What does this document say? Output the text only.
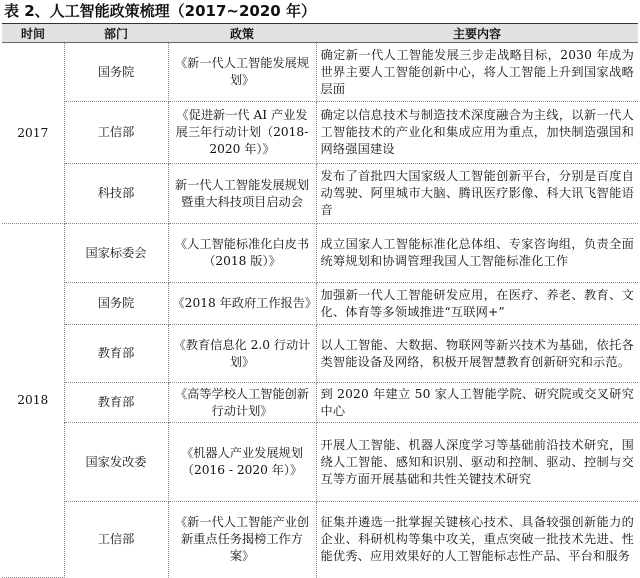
表 2、人工智能政策梳理（2017~2020 年）
时间	部门	政策	主要内容
2017	国务院	《新一代人工智能发展规划》	确定新一代人工智能发展三步走战略目标，2030 年成为世界主要人工智能创新中心，将人工智能上升到国家战略层面
	工信部	《促进新一代 AI 产业发展三年行动计划（2018-2020 年）》	确定以信息技术与制造技术深度融合为主线，以新一代人工智能技术的产业化和集成应用为重点，加快制造强国和网络强国建设
	科技部	新一代人工智能发展规划暨重大科技项目启动会	发布了首批四大国家级人工智能创新平台，分别是百度自动驾驶、阿里城市大脑、腾讯医疗影像、科大讯飞智能语音
2018	国家标委会	《人工智能标准化白皮书（2018 版）》	成立国家人工智能标准化总体组、专家咨询组，负责全面统筹规划和协调管理我国人工智能标准化工作
	国务院	《2018 年政府工作报告》	加强新一代人工智能研发应用，在医疗、养老、教育、文化、体育等多领域推进“互联网+”
	教育部	《教育信息化 2.0 行动计划》	以人工智能、大数据、物联网等新兴技术为基础，依托各类智能设备及网络，积极开展智慧教育创新研究和示范。
	教育部	《高等学校人工智能创新行动计划》	到 2020 年建立 50 家人工智能学院、研究院或交叉研究中心
	国家发改委	《机器人产业发展规划（2016 - 2020 年）》	开展人工智能、机器人深度学习等基础前沿技术研究，围绕人工智能、感知和识别、驱动和控制、驱动、控制与交互等方面开展基础和共性关键技术研究
	工信部	《新一代人工智能产业创新重点任务揭榜工作方案》	征集并遴选一批掌握关键核心技术、具备较强创新能力的企业、科研机构等集中攻关，重点突破一批技术先进、性能优秀、应用效果好的人工智能标志性产品、平台和服务
